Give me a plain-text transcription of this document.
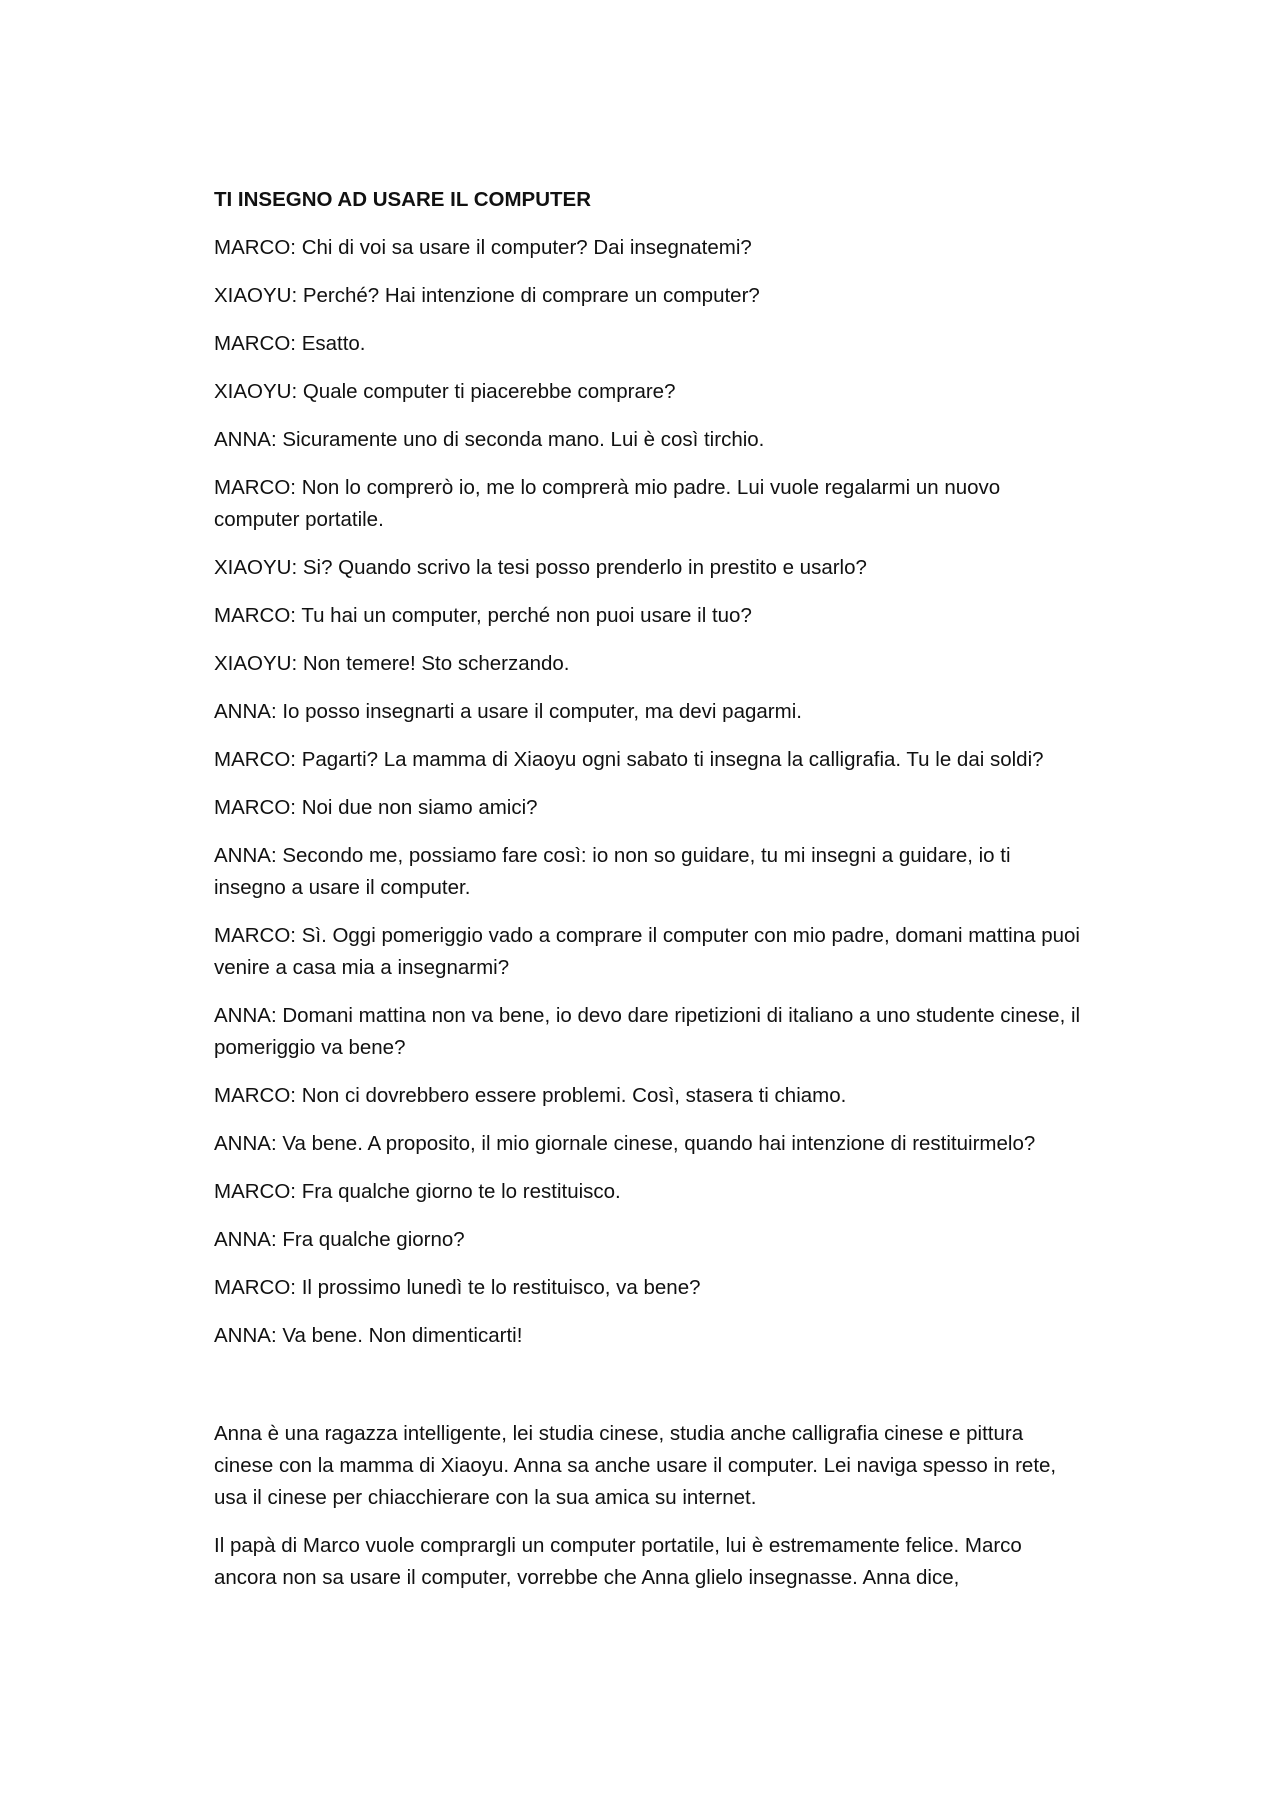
TI INSEGNO AD USARE IL COMPUTER

MARCO: Chi di voi sa usare il computer? Dai insegnatemi?

XIAOYU: Perché? Hai intenzione di comprare un computer?

MARCO: Esatto.

XIAOYU: Quale computer ti piacerebbe comprare?

ANNA: Sicuramente uno di seconda mano. Lui è così tirchio.

MARCO: Non lo comprerò io, me lo comprerà mio padre. Lui vuole regalarmi un nuovo computer portatile.

XIAOYU: Si? Quando scrivo la tesi posso prenderlo in prestito e usarlo?

MARCO: Tu hai un computer, perché non puoi usare il tuo?

XIAOYU: Non temere! Sto scherzando.

ANNA: Io posso insegnarti a usare il computer, ma devi pagarmi.

MARCO: Pagarti? La mamma di Xiaoyu ogni sabato ti insegna la calligrafia. Tu le dai soldi?

MARCO: Noi due non siamo amici?

ANNA: Secondo me, possiamo fare così: io non so guidare, tu mi insegni a guidare, io ti insegno a usare il computer.

MARCO: Sì. Oggi pomeriggio vado a comprare il computer con mio padre, domani mattina puoi venire a casa mia a insegnarmi?

ANNA: Domani mattina non va bene, io devo dare ripetizioni di italiano a uno studente cinese, il pomeriggio va bene?

MARCO: Non ci dovrebbero essere problemi. Così, stasera ti chiamo.

ANNA: Va bene. A proposito, il mio giornale cinese, quando hai intenzione di restituirmelo?

MARCO: Fra qualche giorno te lo restituisco.

ANNA: Fra qualche giorno?

MARCO: Il prossimo lunedì te lo restituisco, va bene?

ANNA: Va bene. Non dimenticarti!

Anna è una ragazza intelligente, lei studia cinese, studia anche calligrafia cinese e pittura cinese con la mamma di Xiaoyu. Anna sa anche usare il computer. Lei naviga spesso in rete, usa il cinese per chiacchierare con la sua amica su internet.

Il papà di Marco vuole comprargli un computer portatile, lui è estremamente felice. Marco ancora non sa usare il computer, vorrebbe che Anna glielo insegnasse. Anna dice,
